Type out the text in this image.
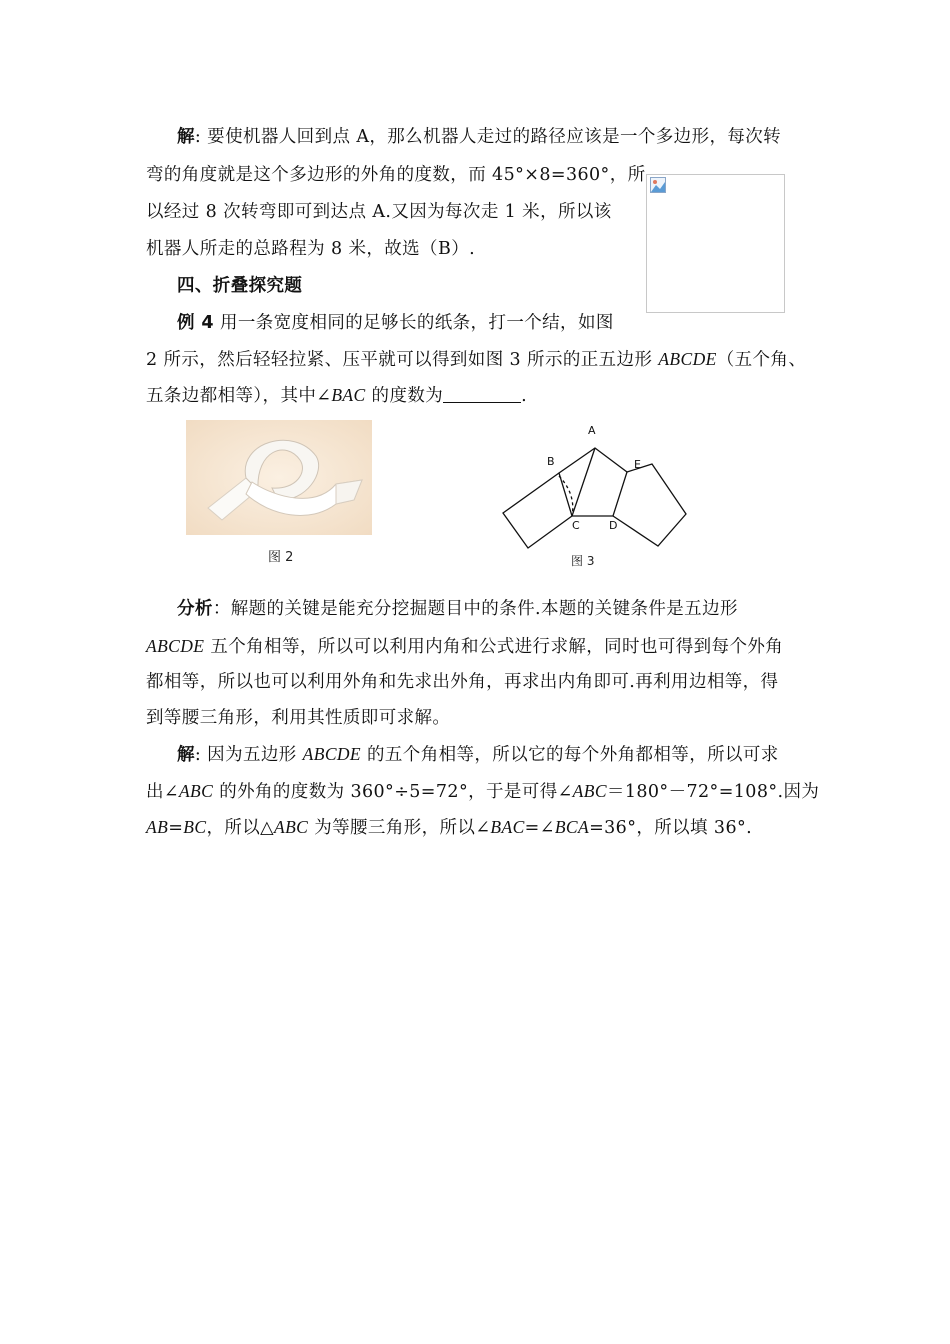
解: 要使机器人回到点 A，那么机器人走过的路径应该是一个多边形，每次转
弯的角度就是这个多边形的外角的度数，而 45°×8=360°，所
以经过 8 次转弯即可到达点 A.又因为每次走 1 米，所以该
机器人所走的总路程为 8 米，故选（B）.
四、折叠探究题
例 4 用一条宽度相同的足够长的纸条，打一个结，如图
2 所示，然后轻轻拉紧、压平就可以得到如图 3 所示的正五边形 ABCDE（五个角、
五条边都相等），其中∠BAC 的度数为	.
图 2
A
B
C	D
E
图 3
分析：解题的关键是能充分挖掘题目中的条件.本题的关键条件是五边形
ABCDE 五个角相等，所以可以利用内角和公式进行求解，同时也可得到每个外角
都相等，所以也可以利用外角和先求出外角，再求出内角即可.再利用边相等，得
到等腰三角形，利用其性质即可求解。
解: 因为五边形 ABCDE 的五个角相等，所以它的每个外角都相等，所以可求
出∠ABC 的外角的度数为 360°÷5=72°，于是可得∠ABC＝180°－72°=108°.因为
AB=BC，所以△ABC 为等腰三角形，所以∠BAC=∠BCA=36°，所以填 36°.
